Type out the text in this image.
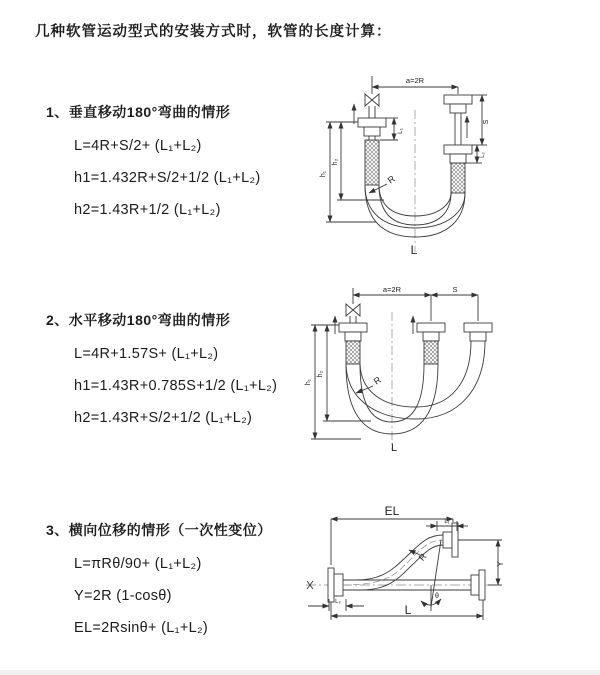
几种软管运动型式的安装方式时，软管的长度计算：
1、垂直移动180°弯曲的情形
L=4R+S/2+ (L₁+L₂)
h1=1.432R+S/2+1/2 (L₁+L₂)
h2=1.43R+1/2 (L₁+L₂)
2、水平移动180°弯曲的情形
L=4R+1.57S+ (L₁+L₂)
h1=1.43R+0.785S+1/2 (L₁+L₂)
h2=1.43R+S/2+1/2 (L₁+L₂)
3、横向位移的情形（一次性变位）
L=πRθ/90+ (L₁+L₂)
Y=2R (1-cosθ)
EL=2Rsinθ+ (L₁+L₂)
a=2R
L₁
S
L₂
h₁
h₂
R
L
a=2R	S
h₁
h₂
R
L
EL
L₁
Y
R
θ
L
L₂
